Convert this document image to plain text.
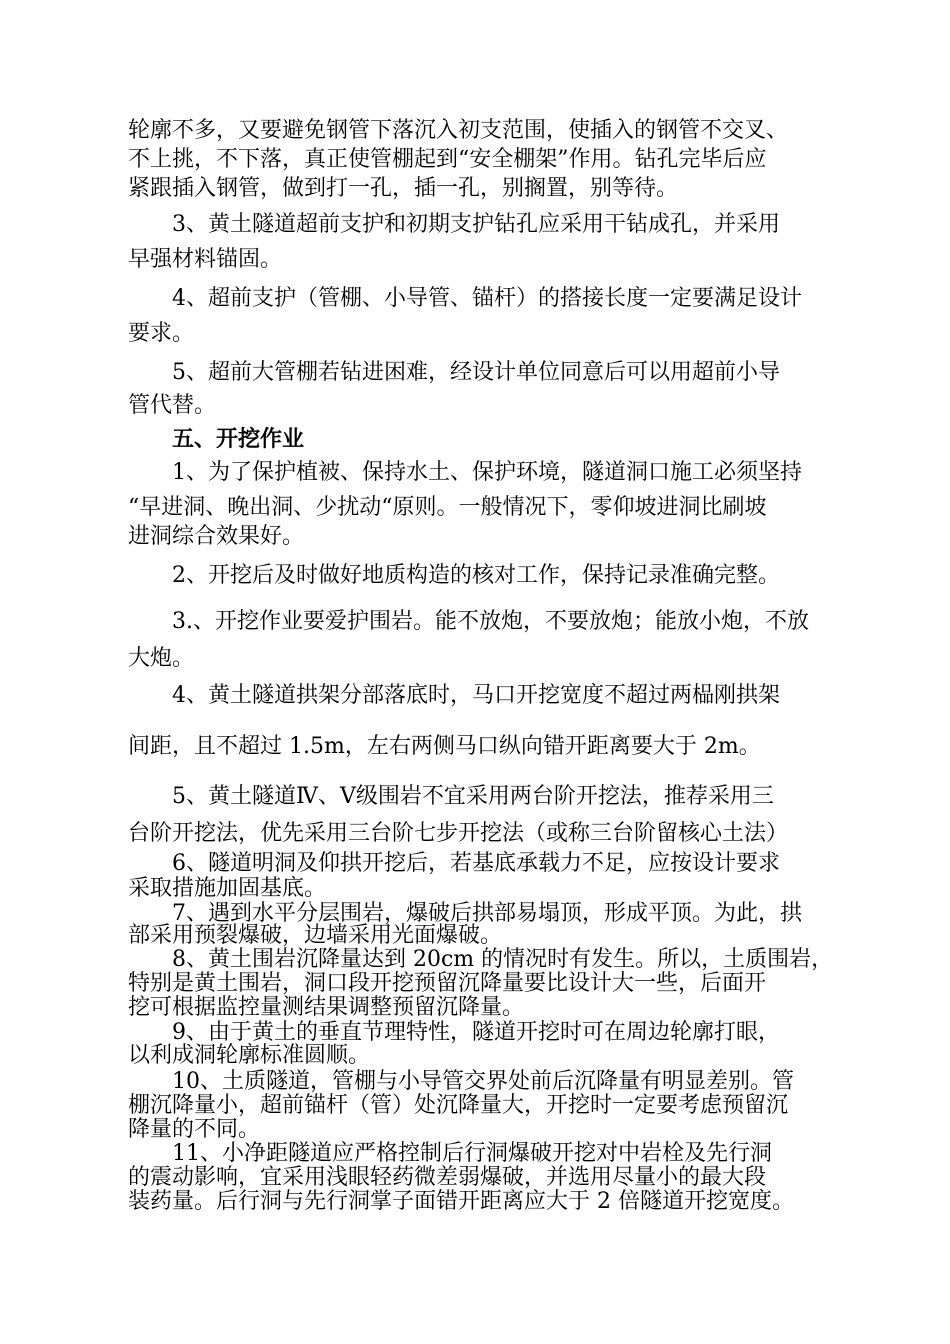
轮廓不多，又要避免钢管下落沉入初支范围，使插入的钢管不交叉、

不上挑，不下落，真正使管棚起到“安全棚架”作用。钻孔完毕后应

紧跟插入钢管，做到打一孔，插一孔，别搁置，别等待。

3、黄土隧道超前支护和初期支护钻孔应采用干钻成孔，并采用

早强材料锚固。

4、超前支护（管棚、小导管、锚杆）的搭接长度一定要满足设计

要求。

5、超前大管棚若钻进困难，经设计单位同意后可以用超前小导

管代替。

五、开挖作业

1、为了保护植被、保持水土、保护环境，隧道洞口施工必须坚持

“早进洞、晚出洞、少扰动“原则。一般情况下，零仰坡进洞比刷坡

进洞综合效果好。

2、开挖后及时做好地质构造的核对工作，保持记录准确完整。

3.、开挖作业要爱护围岩。能不放炮，不要放炮；能放小炮，不放

大炮。

4、黄土隧道拱架分部落底时，马口开挖宽度不超过两榀刚拱架

间距，且不超过 1.5m，左右两侧马口纵向错开距离要大于 2m。

5、黄土隧道Ⅳ、Ⅴ级围岩不宜采用两台阶开挖法，推荐采用三

台阶开挖法，优先采用三台阶七步开挖法（或称三台阶留核心土法）

6、隧道明洞及仰拱开挖后，若基底承载力不足，应按设计要求

采取措施加固基底。

7、遇到水平分层围岩，爆破后拱部易塌顶，形成平顶。为此，拱

部采用预裂爆破，边墙采用光面爆破。

8、黄土围岩沉降量达到 20cm 的情况时有发生。所以，土质围岩，

特别是黄土围岩，洞口段开挖预留沉降量要比设计大一些，后面开

挖可根据监控量测结果调整预留沉降量。

9、由于黄土的垂直节理特性，隧道开挖时可在周边轮廓打眼，

以利成洞轮廓标准圆顺。

10、土质隧道，管棚与小导管交界处前后沉降量有明显差别。管

棚沉降量小，超前锚杆（管）处沉降量大，开挖时一定要考虑预留沉

降量的不同。

11、小净距隧道应严格控制后行洞爆破开挖对中岩栓及先行洞

的震动影响，宜采用浅眼轻药微差弱爆破，并选用尽量小的最大段

装药量。后行洞与先行洞掌子面错开距离应大于 2 倍隧道开挖宽度。
